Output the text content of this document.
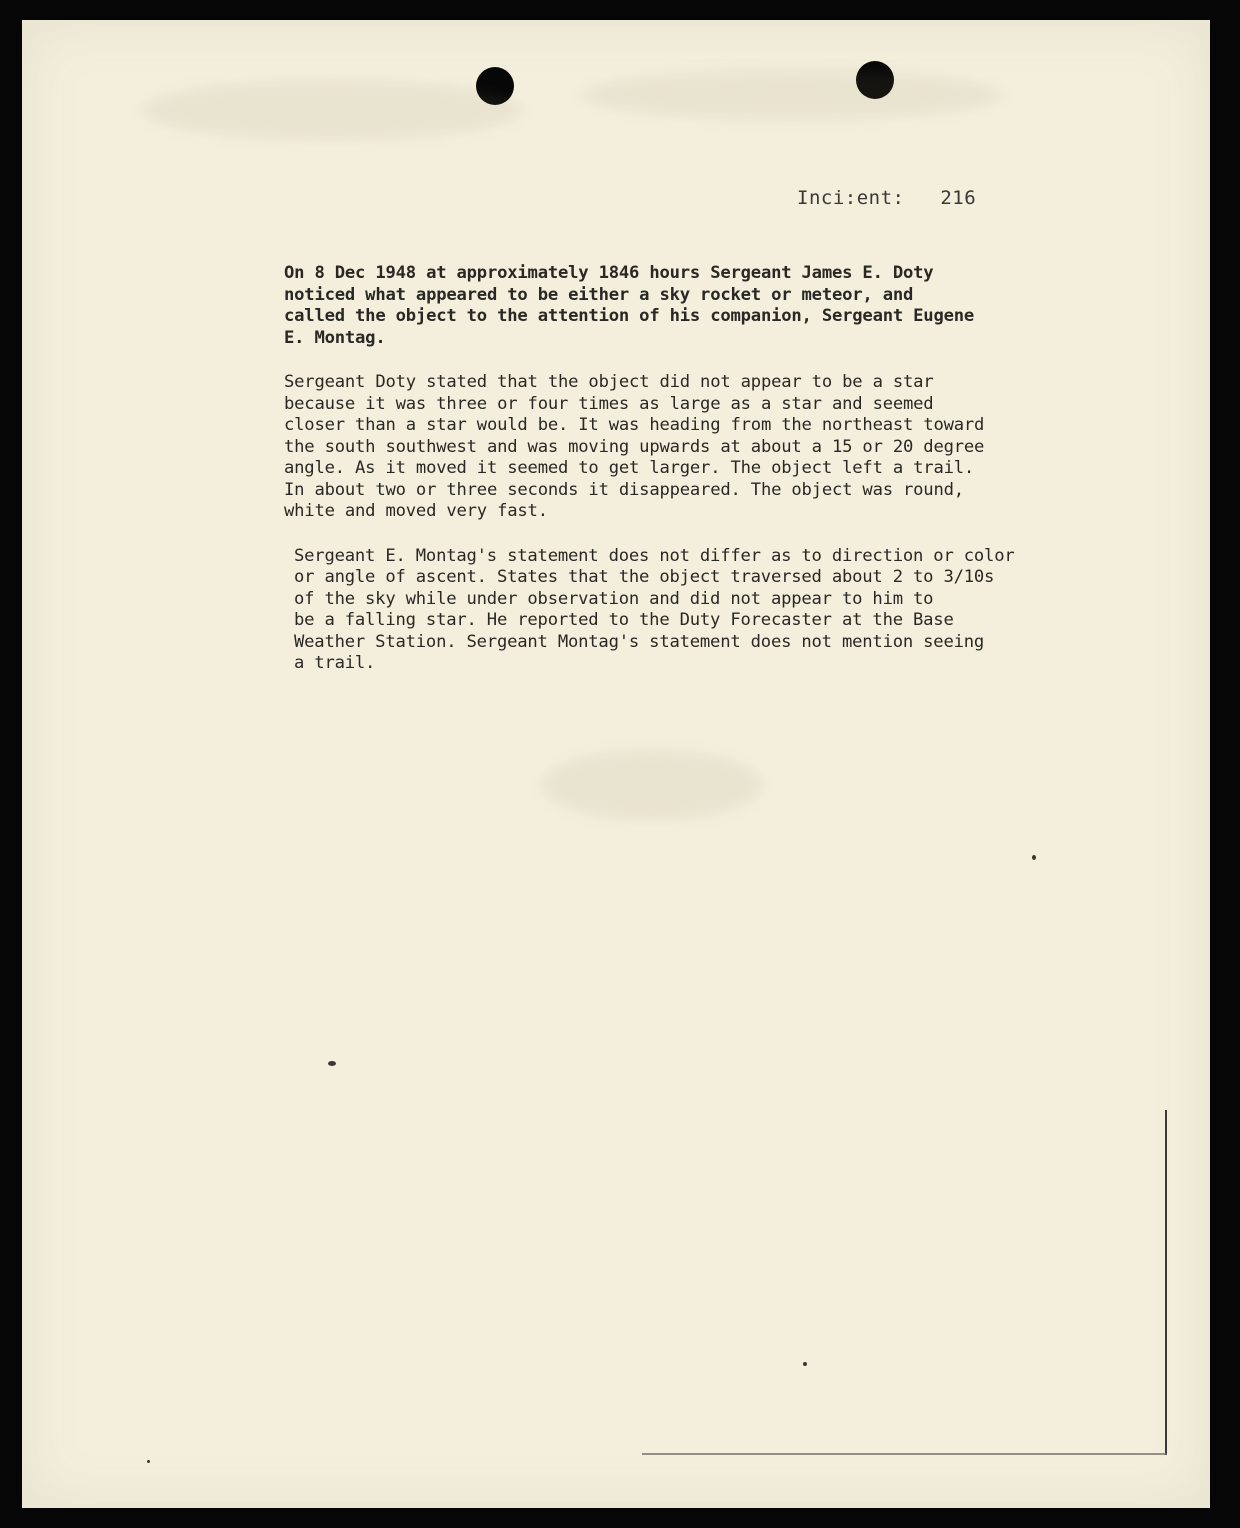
Inci:ent: 216

On 8 Dec 1948 at approximately 1846 hours Sergeant James E. Doty
noticed what appeared to be either a sky rocket or meteor, and
called the object to the attention of his companion, Sergeant Eugene
E. Montag.

Sergeant Doty stated that the object did not appear to be a star
because it was three or four times as large as a star and seemed
closer than a star would be. It was heading from the northeast toward
the south southwest and was moving upwards at about a 15 or 20 degree
angle. As it moved it seemed to get larger. The object left a trail.
In about two or three seconds it disappeared. The object was round,
white and moved very fast.

Sergeant E. Montag's statement does not differ as to direction or color
or angle of ascent. States that the object traversed about 2 to 3/10s
of the sky while under observation and did not appear to him to
be a falling star. He reported to the Duty Forecaster at the Base
Weather Station. Sergeant Montag's statement does not mention seeing
a trail.
